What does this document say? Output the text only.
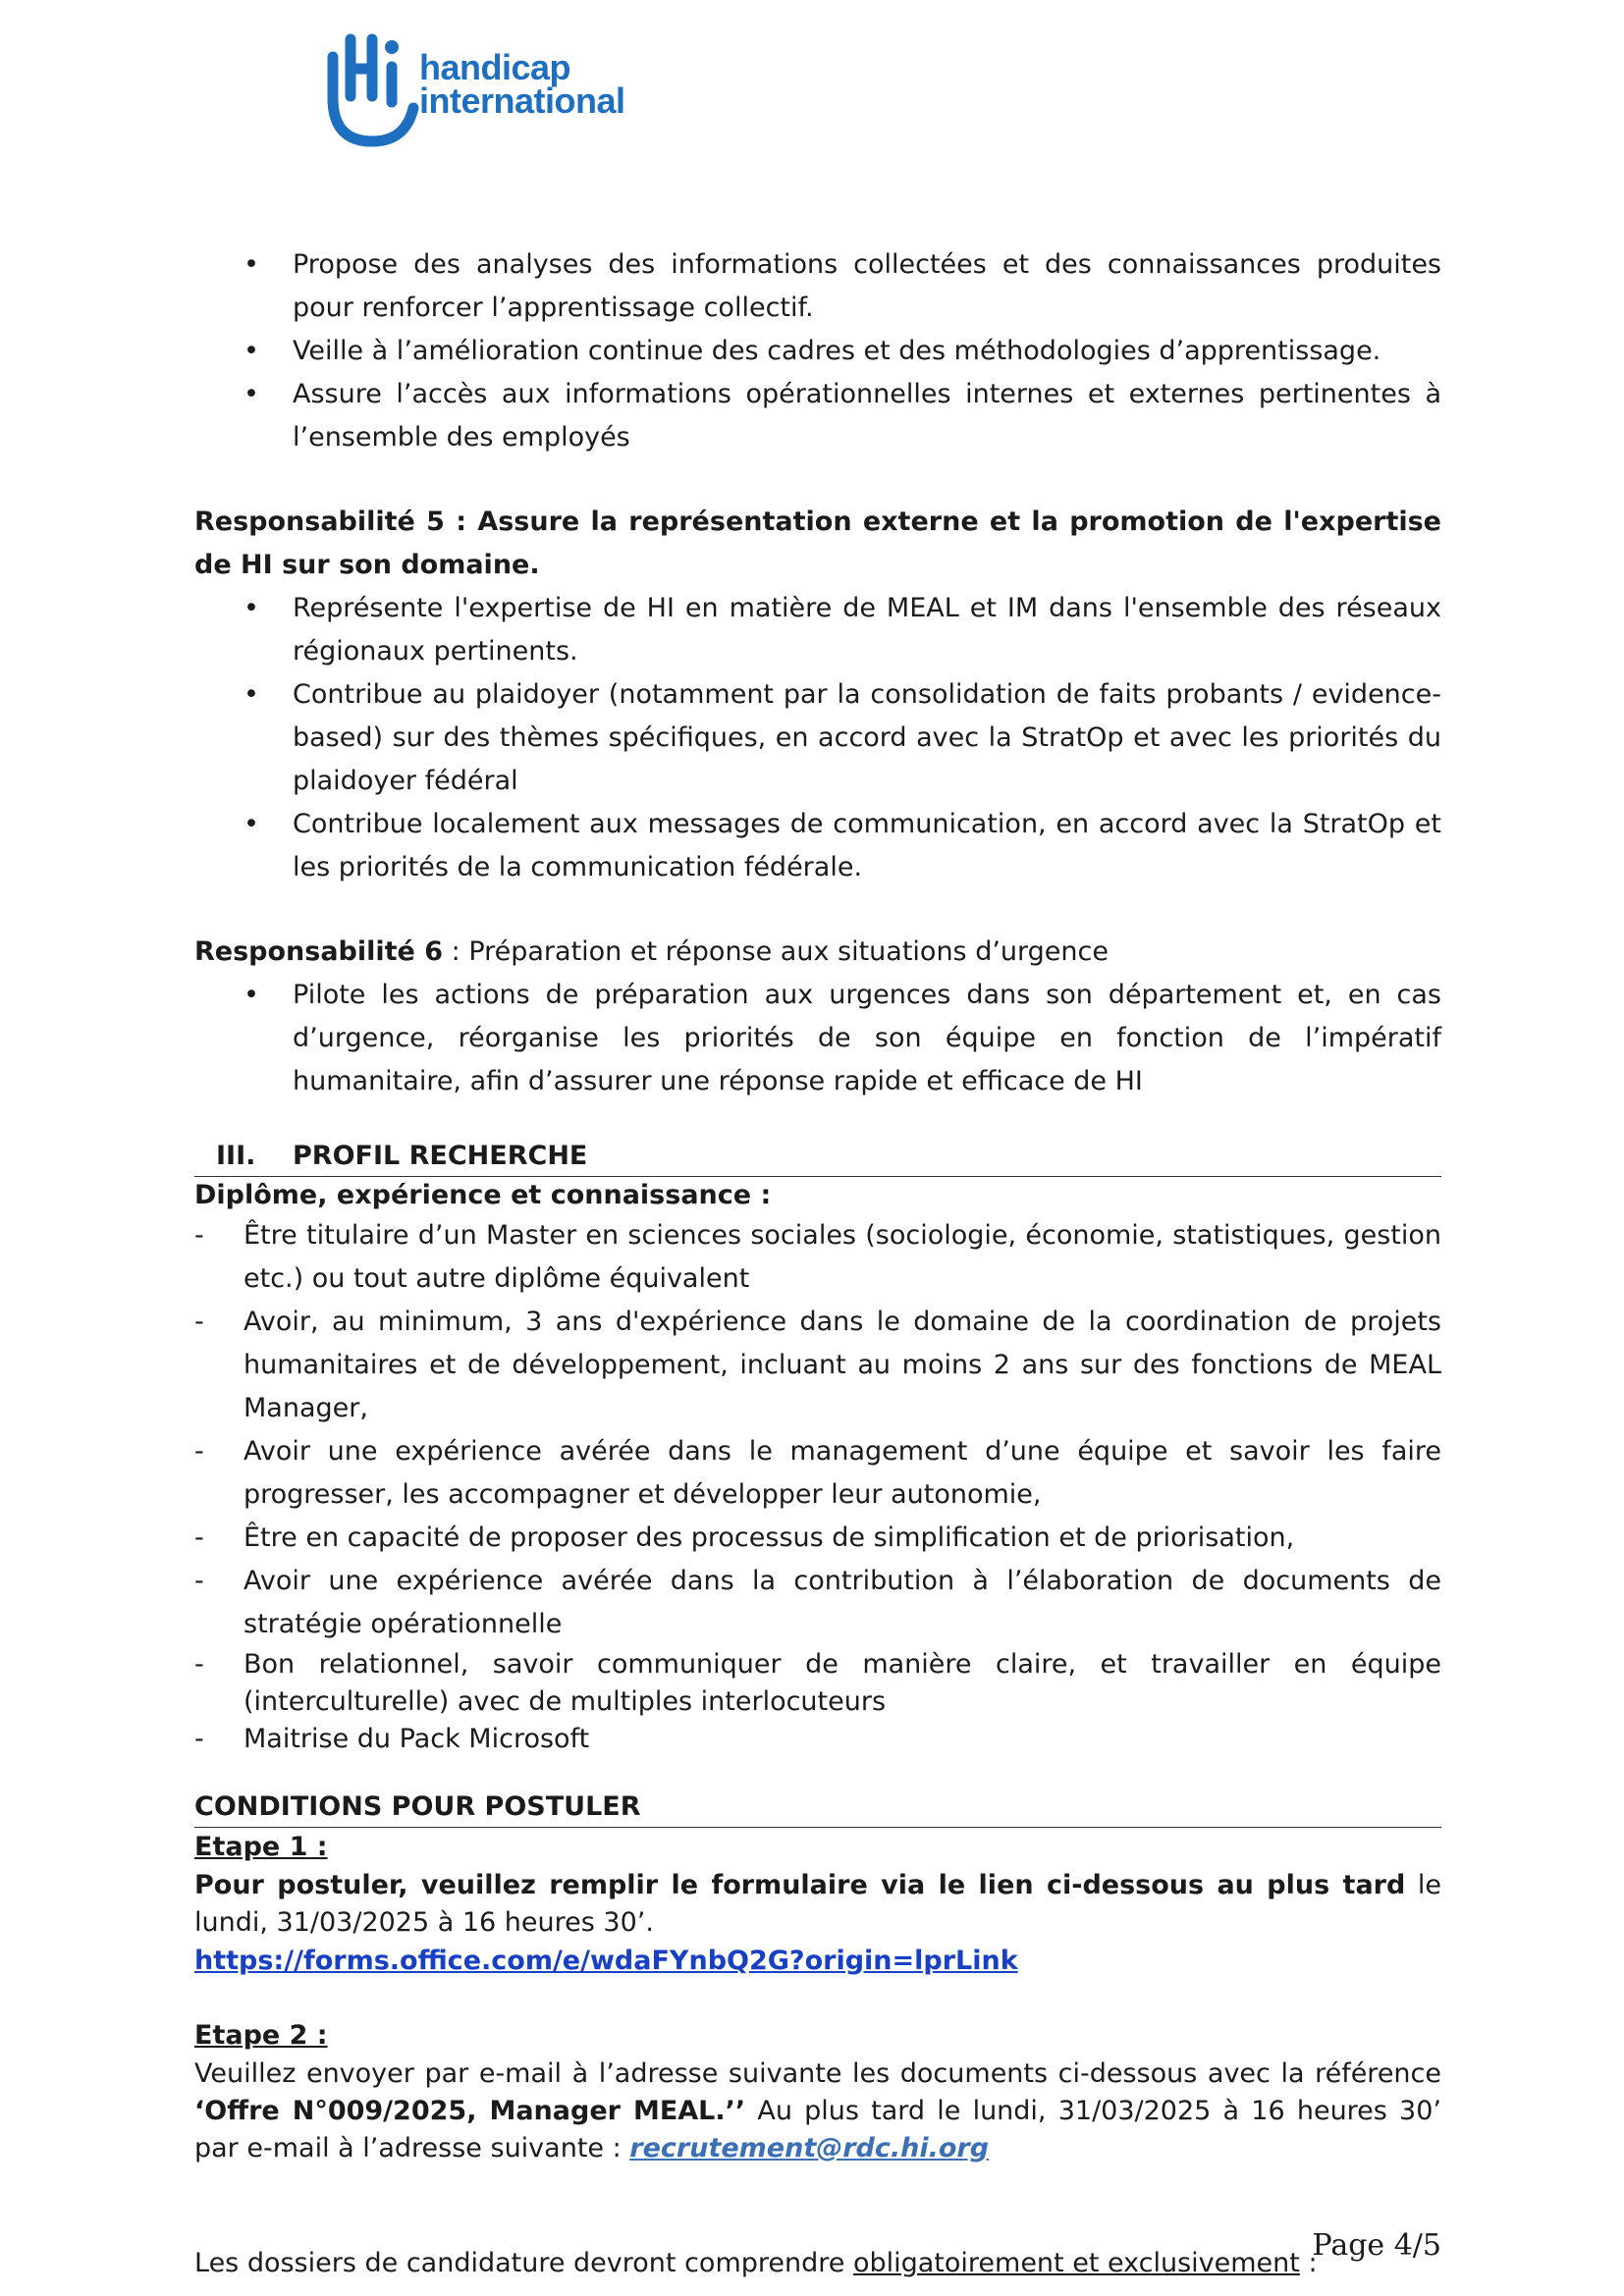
handicap
international
• Propose des analyses des informations collectées et des connaissances produites pour renforcer l’apprentissage collectif.
• Veille à l’amélioration continue des cadres et des méthodologies d’apprentissage.
• Assure l’accès aux informations opérationnelles internes et externes pertinentes à l’ensemble des employés

Responsabilité 5 : Assure la représentation externe et la promotion de l'expertise de HI sur son domaine.

• Représente l'expertise de HI en matière de MEAL et IM dans l'ensemble des réseaux régionaux pertinents.
• Contribue au plaidoyer (notamment par la consolidation de faits probants / evidence-based) sur des thèmes spécifiques, en accord avec la StratOp et avec les priorités du plaidoyer fédéral
• Contribue localement aux messages de communication, en accord avec la StratOp et les priorités de la communication fédérale.

Responsabilité 6 : Préparation et réponse aux situations d’urgence

• Pilote les actions de préparation aux urgences dans son département et, en cas d’urgence, réorganise les priorités de son équipe en fonction de l’impératif humanitaire, afin d’assurer une réponse rapide et efficace de HI
III. PROFIL RECHERCHE

Diplôme, expérience et connaissance :

- Être titulaire d’un Master en sciences sociales (sociologie, économie, statistiques, gestion etc.) ou tout autre diplôme équivalent
- Avoir, au minimum, 3 ans d'expérience dans le domaine de la coordination de projets humanitaires et de développement, incluant au moins 2 ans sur des fonctions de MEAL Manager,
- Avoir une expérience avérée dans le management d’une équipe et savoir les faire progresser, les accompagner et développer leur autonomie,
- Être en capacité de proposer des processus de simplification et de priorisation,
- Avoir une expérience avérée dans la contribution à l’élaboration de documents de stratégie opérationnelle
- Bon relationnel, savoir communiquer de manière claire, et travailler en équipe (interculturelle) avec de multiples interlocuteurs
- Maitrise du Pack Microsoft
CONDITIONS POUR POSTULER

Etape 1 :

Pour postuler, veuillez remplir le formulaire via le lien ci-dessous au plus tard le lundi, 31/03/2025 à 16 heures 30’.

https://forms.office.com/e/wdaFYnbQ2G?origin=lprLink

Etape 2 :

Veuillez envoyer par e-mail à l’adresse suivante les documents ci-dessous avec la référence ‘Offre N°009/2025, Manager MEAL.’’ Au plus tard le lundi, 31/03/2025 à 16 heures 30’ par e-mail à l’adresse suivante : recrutement@rdc.hi.org

Les dossiers de candidature devront comprendre obligatoirement et exclusivement :

Page 4/5
